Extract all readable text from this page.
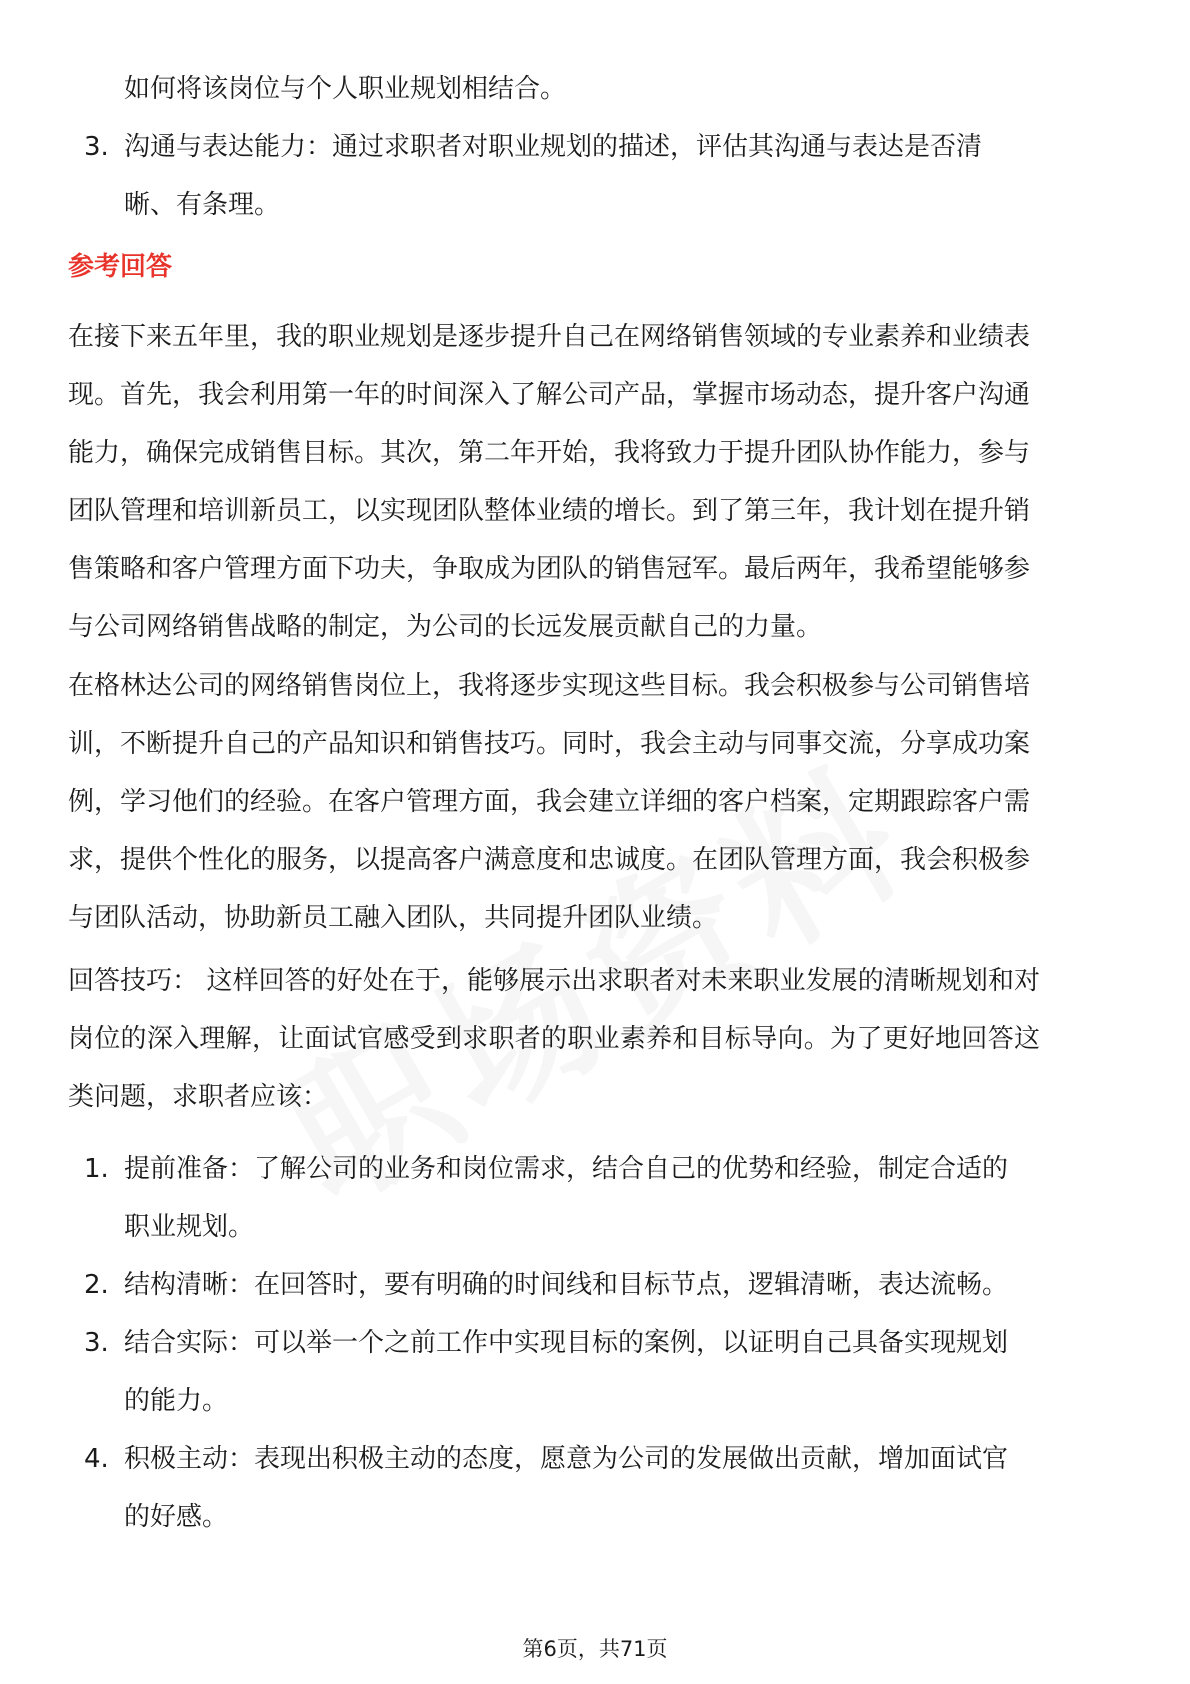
如何将该岗位与个人职业规划相结合。
3. 沟通与表达能力：通过求职者对职业规划的描述，评估其沟通与表达是否清晰、有条理。
参考回答

在接下来五年里，我的职业规划是逐步提升自己在网络销售领域的专业素养和业绩表现。首先，我会利用第一年的时间深入了解公司产品，掌握市场动态，提升客户沟通能力，确保完成销售目标。其次，第二年开始，我将致力于提升团队协作能力，参与团队管理和培训新员工，以实现团队整体业绩的增长。到了第三年，我计划在提升销售策略和客户管理方面下功夫，争取成为团队的销售冠军。最后两年，我希望能够参与公司网络销售战略的制定，为公司的长远发展贡献自己的力量。

在格林达公司的网络销售岗位上，我将逐步实现这些目标。我会积极参与公司销售培训，不断提升自己的产品知识和销售技巧。同时，我会主动与同事交流，分享成功案例，学习他们的经验。在客户管理方面，我会建立详细的客户档案，定期跟踪客户需求，提供个性化的服务，以提高客户满意度和忠诚度。在团队管理方面，我会积极参与团队活动，协助新员工融入团队，共同提升团队业绩。

回答技巧： 这样回答的好处在于，能够展示出求职者对未来职业发展的清晰规划和对岗位的深入理解，让面试官感受到求职者的职业素养和目标导向。为了更好地回答这类问题，求职者应该：

1. 提前准备：了解公司的业务和岗位需求，结合自己的优势和经验，制定合适的职业规划。
2. 结构清晰：在回答时，要有明确的时间线和目标节点，逻辑清晰，表达流畅。
3. 结合实际：可以举一个之前工作中实现目标的案例，以证明自己具备实现规划的能力。
4. 积极主动：表现出积极主动的态度，愿意为公司的发展做出贡献，增加面试官的好感。
第6页，共71页
